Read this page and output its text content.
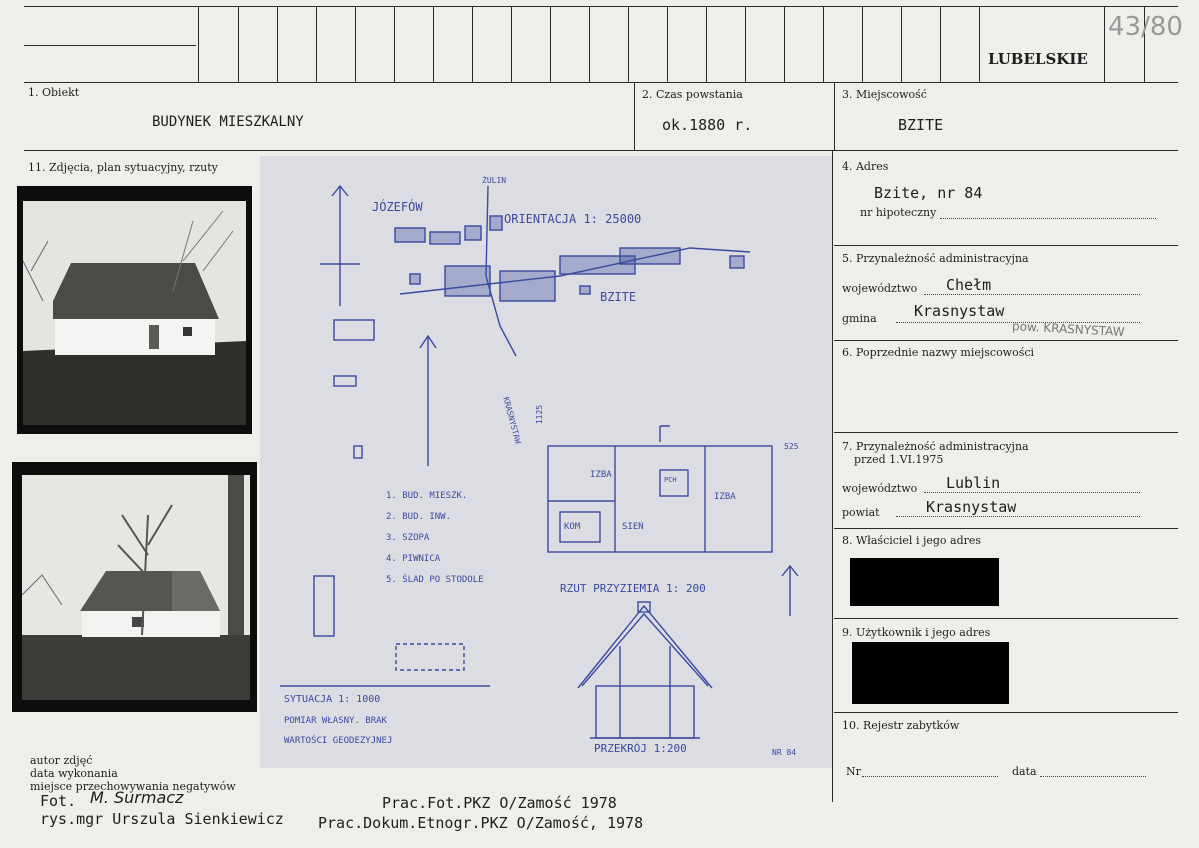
LUBELSKIE
43/80
1. Obiekt
BUDYNEK MIESZKALNY
2. Czas powstania
ok.1880 r.
3. Miejscowość
BZITE
11. Zdjęcia, plan sytuacyjny, rzuty
JÓZEFÓW
ORIENTACJA 1: 25000
ŻULIN
BZITE
KRASNYSTAW
1. BUD. MIESZK.
2. BUD. INW.
3. SZOPA
4. PIWNICA
5. ŚLAD PO STODOLE
SYTUACJA 1: 1000
POMIAR WŁASNY. BRAK
WARTOŚCI GEODEZYJNEJ
IZBA
IZBA
KOM	SIEŃ
PCH
RZUT PRZYZIEMIA 1: 200
PRZEKRÓJ 1:200	NR 84
1125
525
4. Adres
Bzite, nr 84
nr hipoteczny
5. Przynależność administracyjna
województwo Chełm
gmina Krasnystaw
pow. KRASNYSTAW
6. Poprzednie nazwy miejscowości
7. Przynależność administracyjna
przed 1.VI.1975
województwo Lublin
powiat	Krasnystaw
8. Właściciel i jego adres
9. Użytkownik i jego adres
10. Rejestr zabytków
Nr	data
autor zdjęć
data wykonania
miejsce przechowywania negatywów
Fot. M. Surmacz	Prac.Fot.PKZ O/Zamość 1978
rys.mgr Urszula Sienkiewicz Prac.Dokum.Etnogr.PKZ O/Zamość, 1978
